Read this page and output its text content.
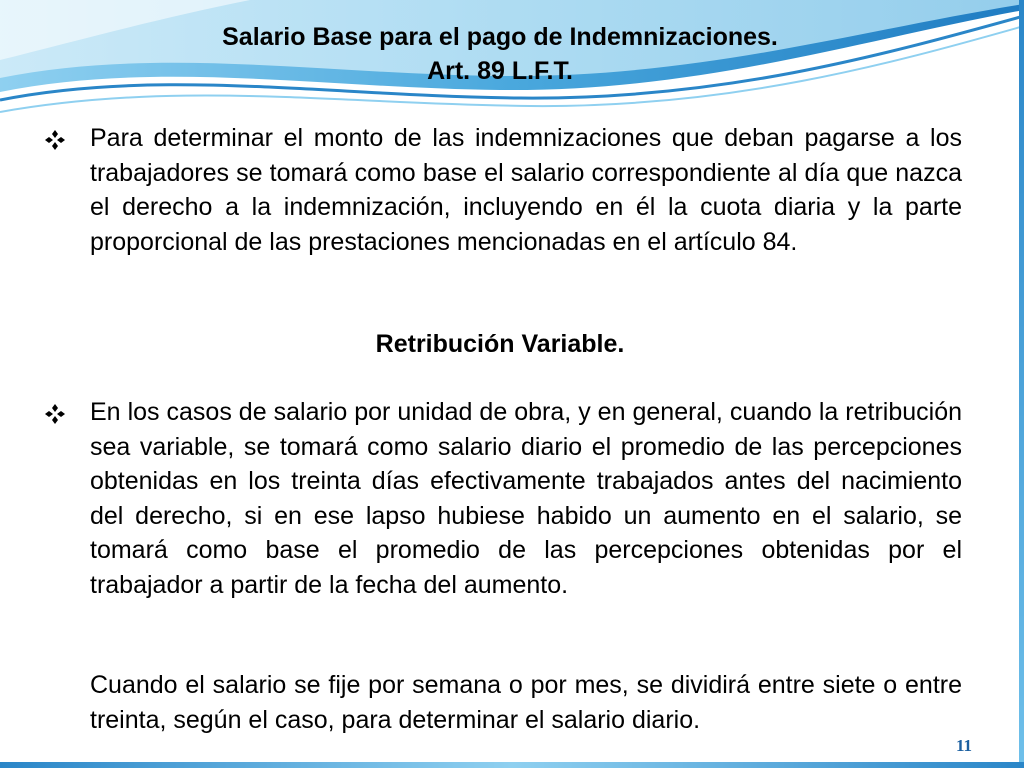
Salario Base para el pago de Indemnizaciones.
Art. 89 L.F.T.
Para determinar el monto de las indemnizaciones que deban pagarse a los trabajadores se tomará como base el salario correspondiente al día que nazca el derecho a la indemnización, incluyendo en él la cuota diaria y la parte proporcional de las prestaciones mencionadas en el artículo 84.
Retribución Variable.
En los casos de salario por unidad de obra, y en general, cuando la retribución sea variable, se tomará como salario diario el promedio de las percepciones obtenidas en los treinta días efectivamente trabajados antes del nacimiento del derecho, si en ese lapso hubiese habido un aumento en el salario, se tomará como base el promedio de las percepciones obtenidas por el trabajador a partir de la fecha del aumento.
Cuando el salario se fije por semana o por mes, se dividirá entre siete o entre treinta, según el caso, para determinar el salario diario.
11
